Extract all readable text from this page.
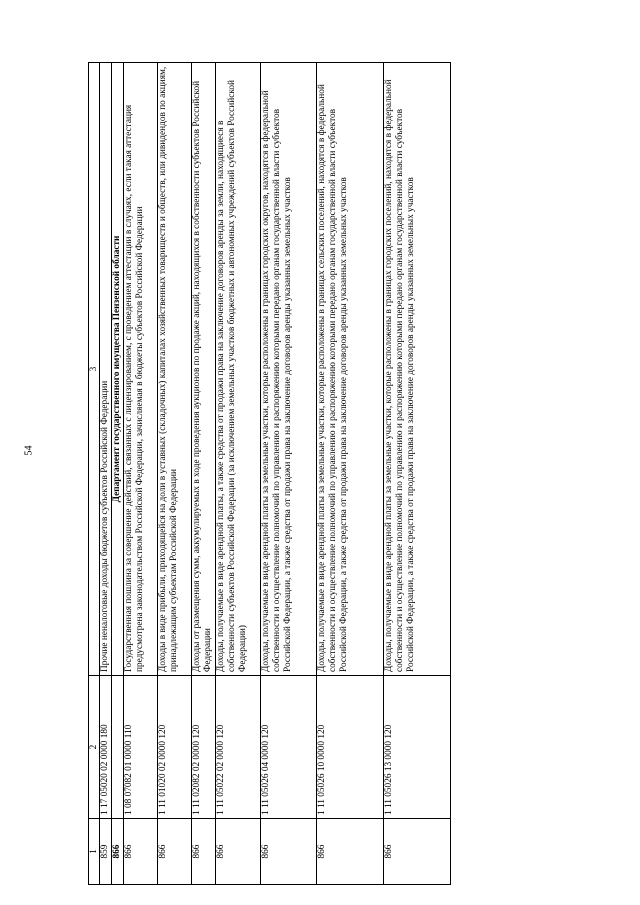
54
1	2	3
859	1 17 05020 02 0000 180	Прочие неналоговые доходы бюджетов субъектов Российской Федерации
866		Департамент государственного имущества Пензенской области
866	1 08 07082 01 0000 110	Государственная пошлина за совершение действий, связанных с лицензированием, с проведением аттестации в случаях, если такая аттестация предусмотрена законодательством Российской Федерации, зачисляемая в бюджеты субъектов Российской Федерации
866	1 11 01020 02 0000 120	Доходы в виде прибыли, приходящейся на доли в уставных (складочных) капиталах хозяйственных товариществ и обществ, или дивидендов по акциям, принадлежащим субъектам Российской Федерации
866	1 11 02082 02 0000 120	Доходы от размещения сумм, аккумулируемых в ходе проведения аукционов по продаже акций, находящихся в собственности субъектов Российской Федерации
866	1 11 05022 02 0000 120	Доходы, получаемые в виде арендной платы, а также средства от продажи права на заключение договоров аренды за земли, находящиеся в собственности субъектов Российской Федерации (за исключением земельных участков бюджетных и автономных учреждений субъектов Российской Федерации)
866	1 11 05026 04 0000 120	Доходы, получаемые в виде арендной платы за земельные участки, которые расположены в границах городских округов, находятся в федеральной собственности и осуществление полномочий по управлению и распоряжению которыми передано органам государственной власти субъектов Российской Федерации, а также средства от продажи права на заключение договоров аренды указанных земельных участков
866	1 11 05026 10 0000 120	Доходы, получаемые в виде арендной платы за земельные участки, которые расположены в границах сельских поселений, находятся в федеральной собственности и осуществление полномочий по управлению и распоряжению которыми передано органам государственной власти субъектов Российской Федерации, а также средства от продажи права на заключение договоров аренды указанных земельных участков
866	1 11 05026 13 0000 120	Доходы, получаемые в виде арендной платы за земельные участки, которые расположены в границах городских поселений, находятся в федеральной собственности и осуществление полномочий по управлению и распоряжению которыми передано органам государственной власти субъектов Российской Федерации, а также средства от продажи права на заключение договоров аренды указанных земельных участков
